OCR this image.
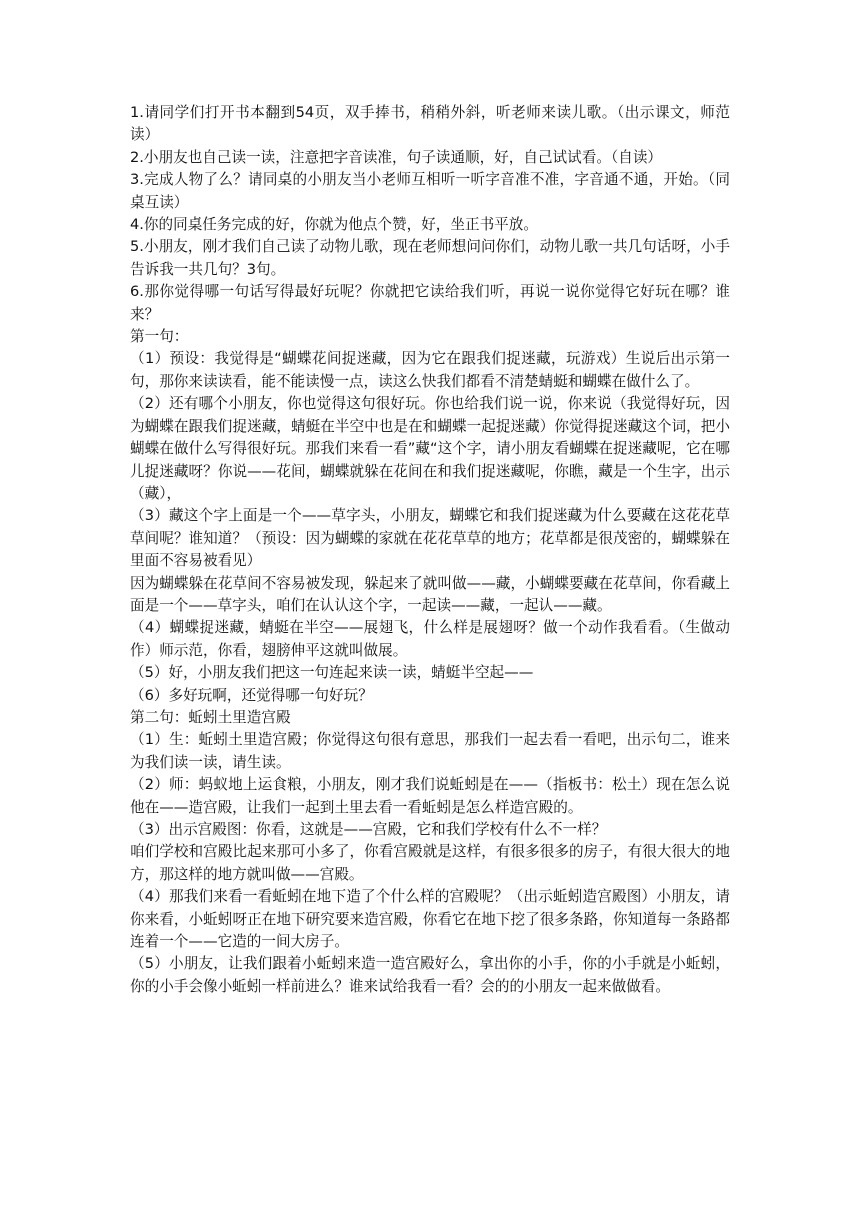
1.请同学们打开书本翻到54页，双手捧书，稍稍外斜，听老师来读儿歌。（出示课文，师范读）

2.小朋友也自己读一读，注意把字音读准，句子读通顺，好，自己试试看。（自读）

3.完成人物了么？请同桌的小朋友当小老师互相听一听字音准不准，字音通不通，开始。（同桌互读）

4.你的同桌任务完成的好，你就为他点个赞，好，坐正书平放。

5.小朋友，刚才我们自己读了动物儿歌，现在老师想问问你们，动物儿歌一共几句话呀，小手告诉我一共几句？3句。

6.那你觉得哪一句话写得最好玩呢？你就把它读给我们听，再说一说你觉得它好玩在哪？谁来？

第一句：

（1）预设：我觉得是“蝴蝶花间捉迷藏，因为它在跟我们捉迷藏，玩游戏）生说后出示第一句，那你来读读看，能不能读慢一点，读这么快我们都看不清楚蜻蜓和蝴蝶在做什么了。

（2）还有哪个小朋友，你也觉得这句很好玩。你也给我们说一说，你来说（我觉得好玩，因为蝴蝶在跟我们捉迷藏，蜻蜓在半空中也是在和蝴蝶一起捉迷藏）你觉得捉迷藏这个词，把小蝴蝶在做什么写得很好玩。那我们来看一看”藏“这个字，请小朋友看蝴蝶在捉迷藏呢，它在哪儿捉迷藏呀？你说——花间，蝴蝶就躲在花间在和我们捉迷藏呢，你瞧，藏是一个生字，出示（藏），

（3）藏这个字上面是一个——草字头，小朋友，蝴蝶它和我们捉迷藏为什么要藏在这花花草草间呢？谁知道？（预设：因为蝴蝶的家就在花花草草的地方；花草都是很茂密的，蝴蝶躲在里面不容易被看见）

因为蝴蝶躲在花草间不容易被发现，躲起来了就叫做——藏，小蝴蝶要藏在花草间，你看藏上面是一个——草字头，咱们在认认这个字，一起读——藏，一起认——藏。

（4）蝴蝶捉迷藏，蜻蜓在半空——展翅飞，什么样是展翅呀？做一个动作我看看。（生做动作）师示范，你看，翅膀伸平这就叫做展。

（5）好，小朋友我们把这一句连起来读一读，蜻蜓半空起——

（6）多好玩啊，还觉得哪一句好玩？

第二句：蚯蚓土里造宫殿

（1）生：蚯蚓土里造宫殿；你觉得这句很有意思，那我们一起去看一看吧，出示句二，谁来为我们读一读，请生读。

（2）师：蚂蚁地上运食粮，小朋友，刚才我们说蚯蚓是在——（指板书：松土）现在怎么说他在——造宫殿，让我们一起到土里去看一看蚯蚓是怎么样造宫殿的。

（3）出示宫殿图：你看，这就是——宫殿，它和我们学校有什么不一样？

咱们学校和宫殿比起来那可小多了，你看宫殿就是这样，有很多很多的房子，有很大很大的地方，那这样的地方就叫做——宫殿。

（4）那我们来看一看蚯蚓在地下造了个什么样的宫殿呢？（出示蚯蚓造宫殿图）小朋友，请你来看，小蚯蚓呀正在地下研究要来造宫殿，你看它在地下挖了很多条路，你知道每一条路都连着一个——它造的一间大房子。

（5）小朋友，让我们跟着小蚯蚓来造一造宫殿好么，拿出你的小手，你的小手就是小蚯蚓，你的小手会像小蚯蚓一样前进么？谁来试给我看一看？会的的小朋友一起来做做看。
